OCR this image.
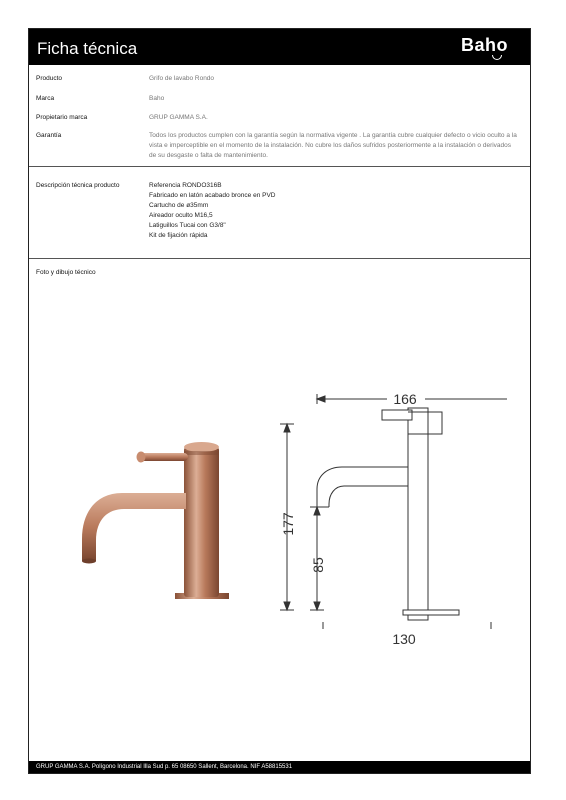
Ficha técnica	Baho
Producto	Grifo de lavabo Rondo
Marca	Baho
Propietario marca	GRUP GAMMA S.A.
Garantía	Todos los productos cumplen con la garantía según la normativa vigente . La garantía cubre cualquier defecto o vicio oculto a la
vista e imperceptible en el momento de la instalación. No cubre los daños sufridos posteriormente a la instalación o derivados
de su desgaste o falta de mantenimiento.
Descripción técnica producto	Referencia RONDO316B
Fabricado en latón acabado bronce en PVD
Cartucho de ø35mm
Aireador oculto M16,5
Latiguillos Tucai con G3/8"
Kit de fijación rápida
Foto y dibujo técnico
166
177
85
130
GRUP GAMMA S.A. Polígono Industrial Illa Sud p. 65 08650 Sallent, Barcelona. NIF A58815531
